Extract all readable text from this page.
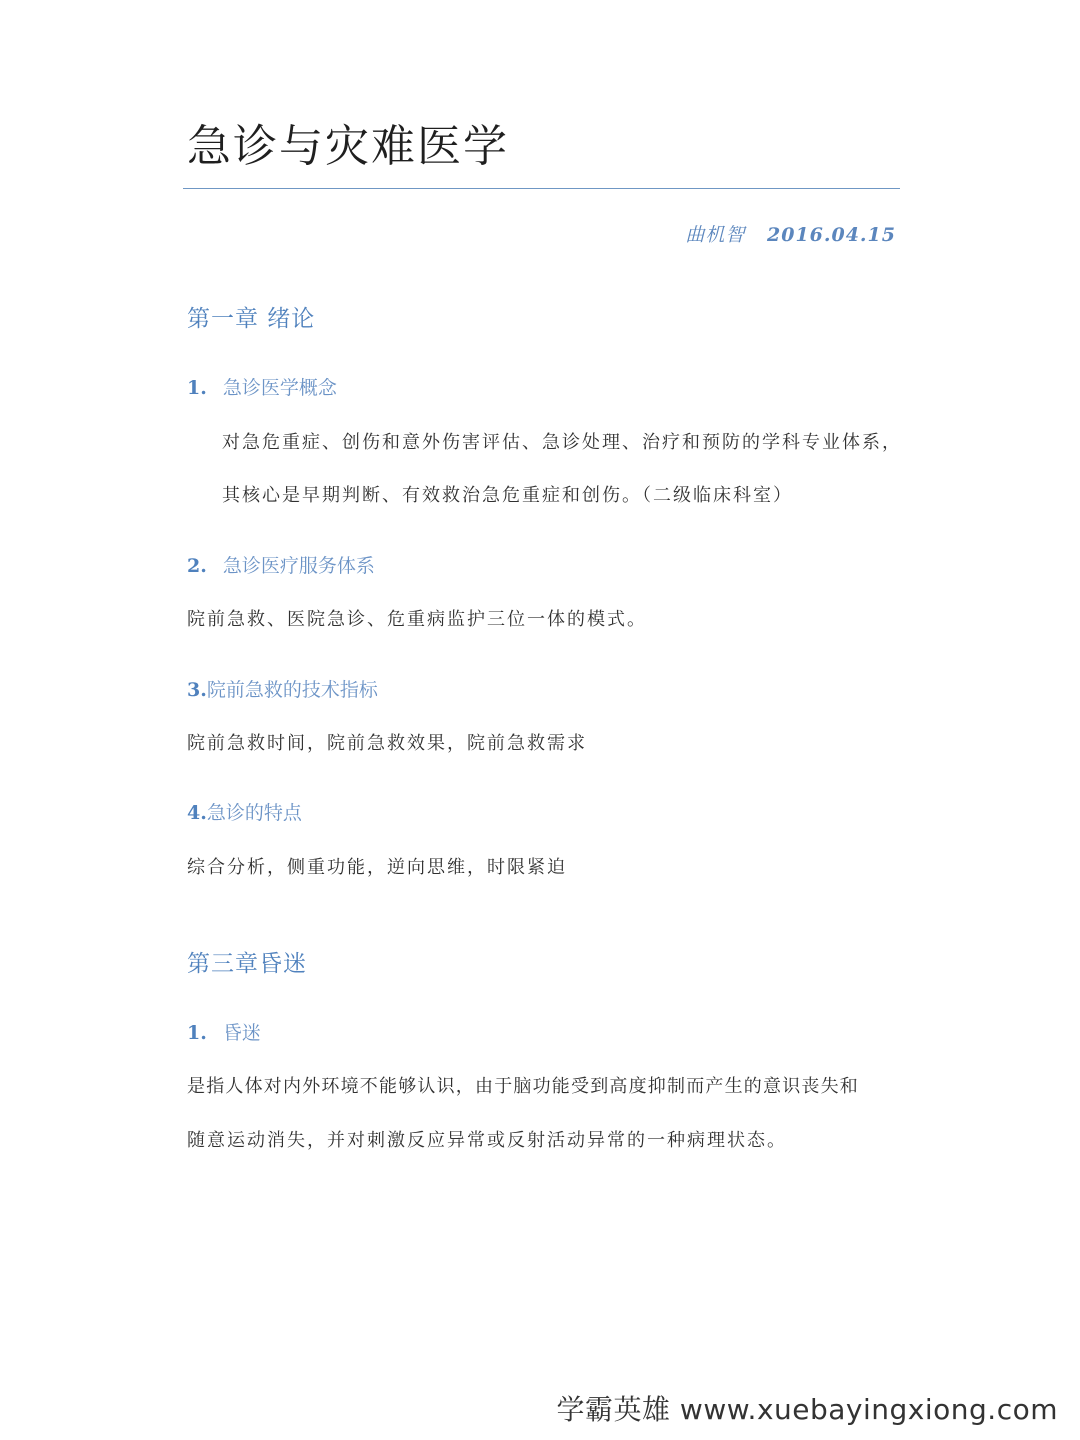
急诊与灾难医学
曲机智 2016.04.15
第一章 绪论
1. 急诊医学概念

对急危重症、创伤和意外伤害评估、急诊处理、治疗和预防的学科专业体系，

其核心是早期判断、有效救治急危重症和创伤。（二级临床科室）

2. 急诊医疗服务体系

院前急救、医院急诊、危重病监护三位一体的模式。

3.院前急救的技术指标

院前急救时间，院前急救效果，院前急救需求

4.急诊的特点

综合分析，侧重功能，逆向思维，时限紧迫

第三章昏迷
1. 昏迷

是指人体对内外环境不能够认识，由于脑功能受到高度抑制而产生的意识丧失和

随意运动消失，并对刺激反应异常或反射活动异常的一种病理状态。

学霸英雄 www.xuebayingxiong.com
